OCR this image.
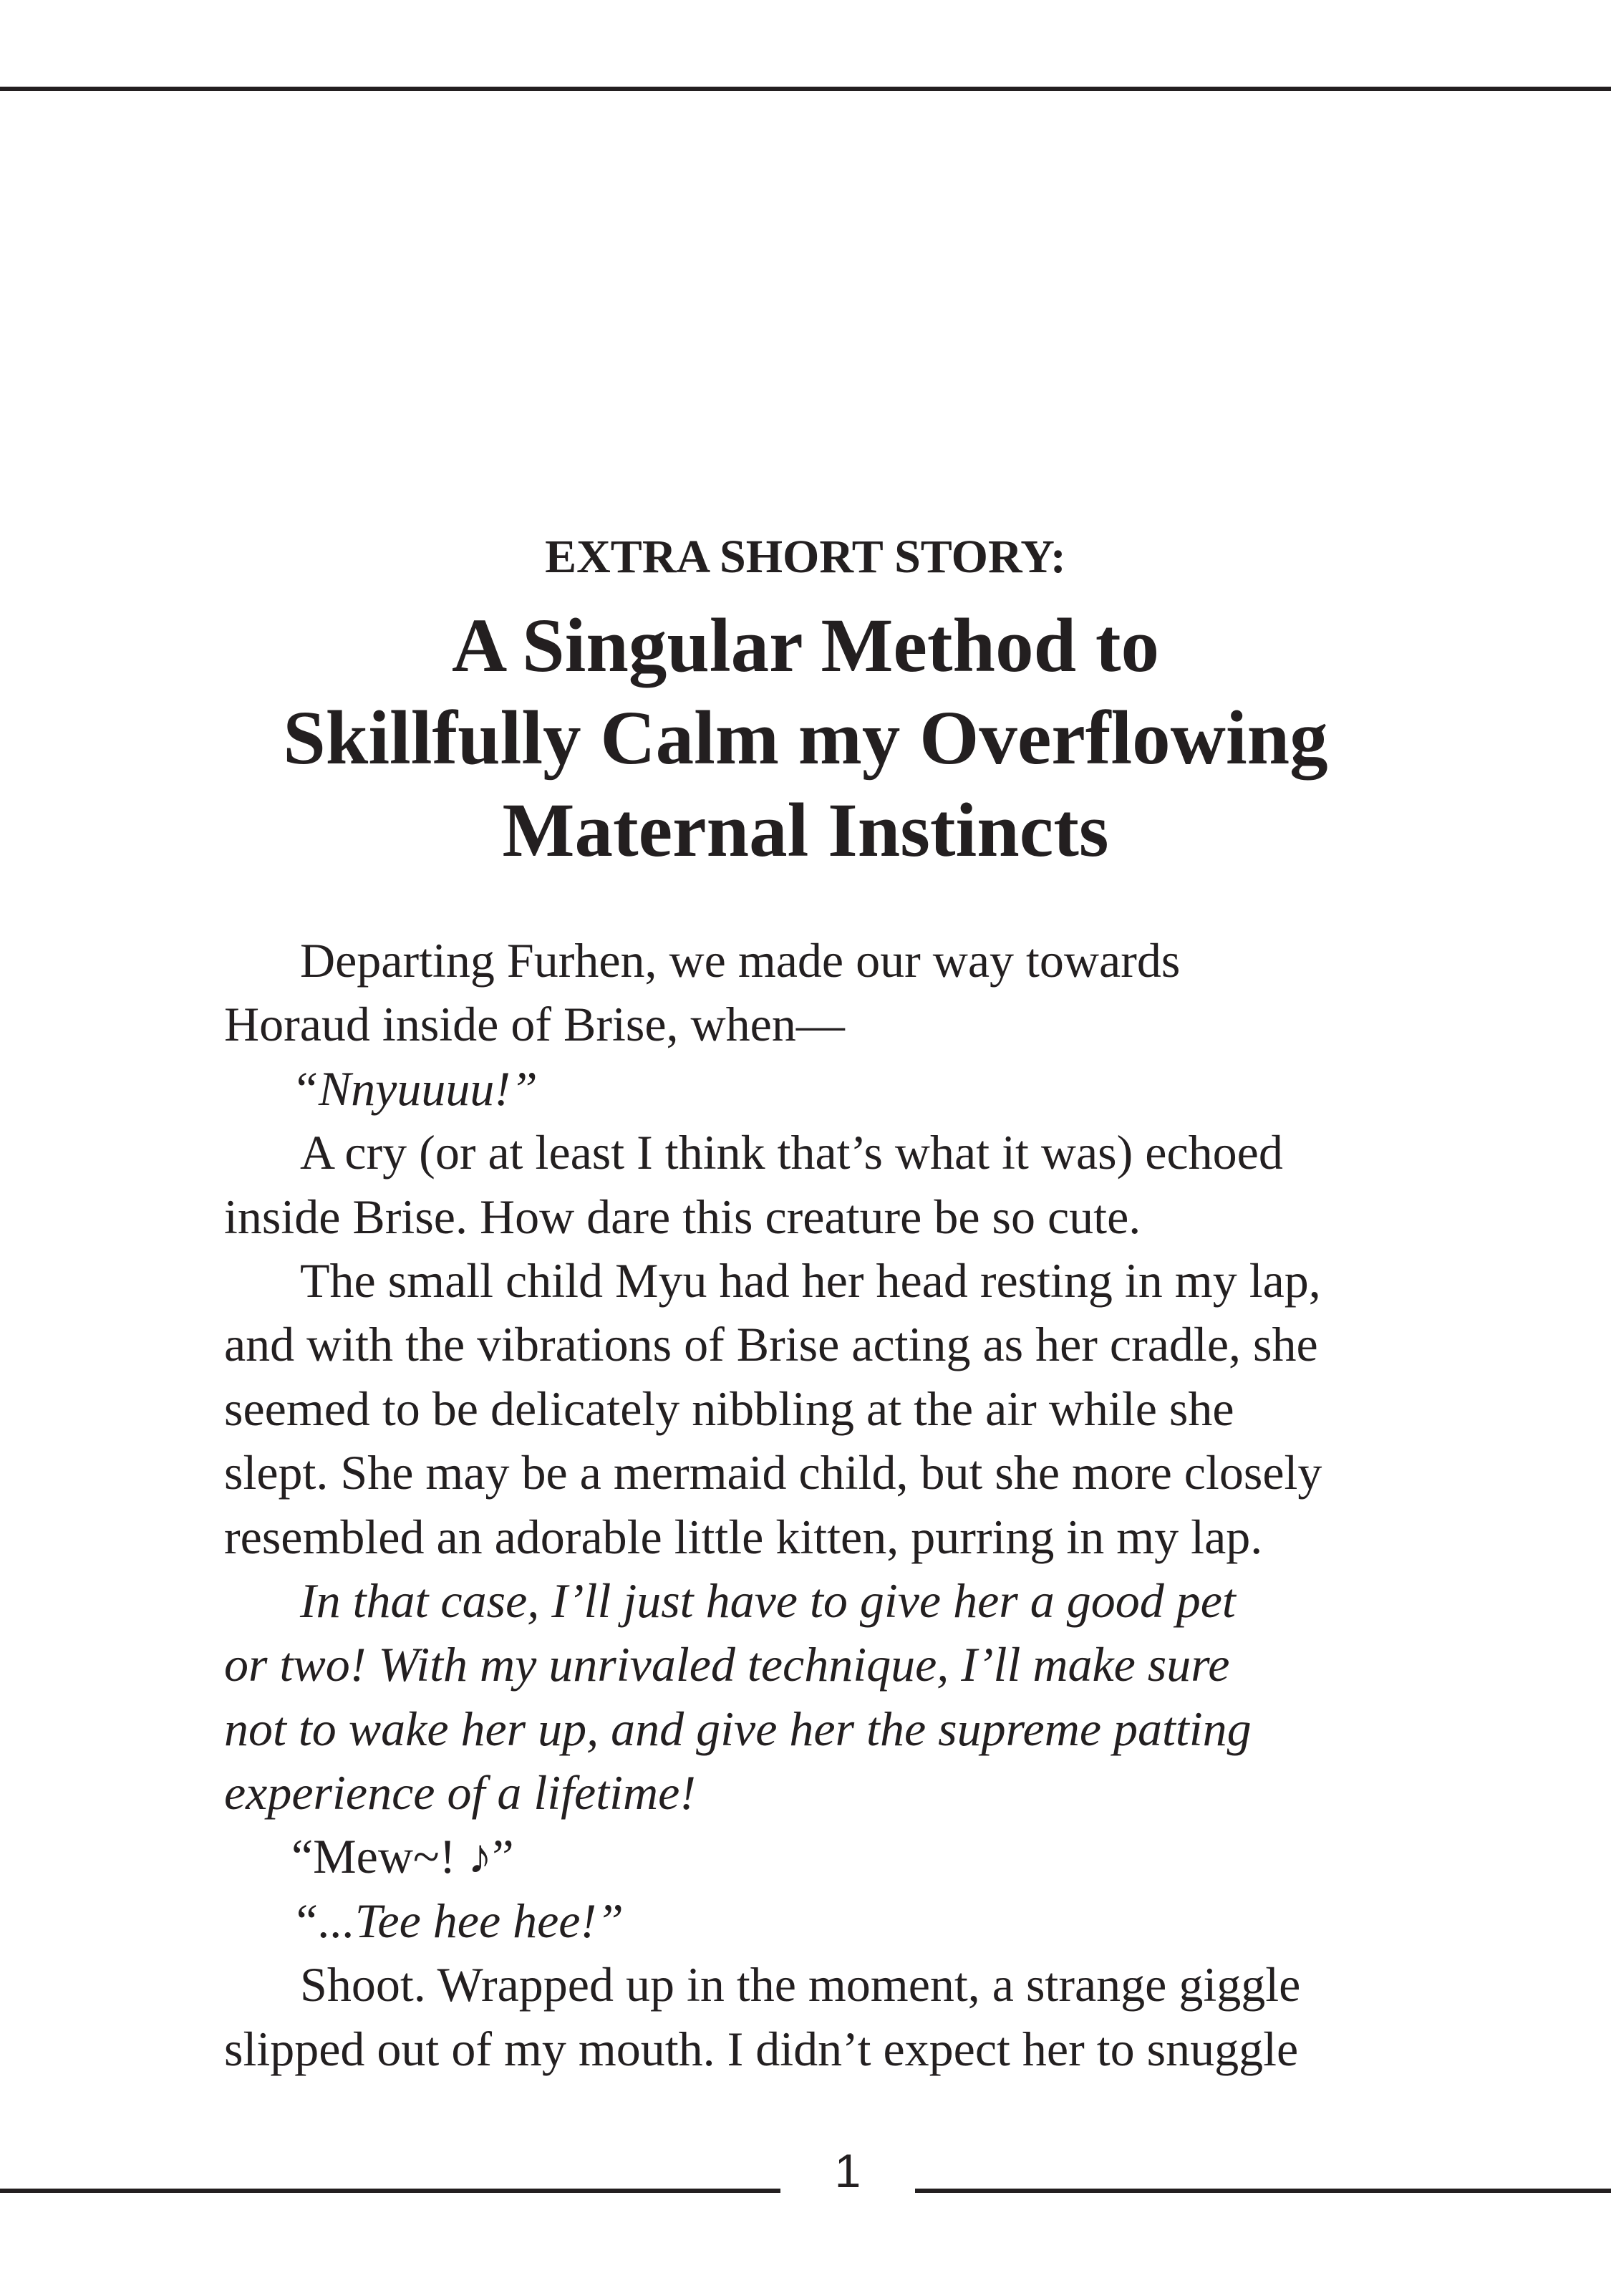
EXTRA SHORT STORY:
A Singular Method to
Skillfully Calm my Overflowing
Maternal Instincts
Departing Furhen, we made our way towards
Horaud inside of Brise, when—
“Nnyuuuu!”
A cry (or at least I think that’s what it was) echoed
inside Brise. How dare this creature be so cute.
The small child Myu had her head resting in my lap,
and with the vibrations of Brise acting as her cradle, she
seemed to be delicately nibbling at the air while she
slept. She may be a mermaid child, but she more closely
resembled an adorable little kitten, purring in my lap.
In that case, I’ll just have to give her a good pet
or two! With my unrivaled technique, I’ll make sure
not to wake her up, and give her the supreme patting
experience of a lifetime!
“Mew~! ♪”
“...Tee hee hee!”
Shoot. Wrapped up in the moment, a strange giggle
slipped out of my mouth. I didn’t expect her to snuggle
1
